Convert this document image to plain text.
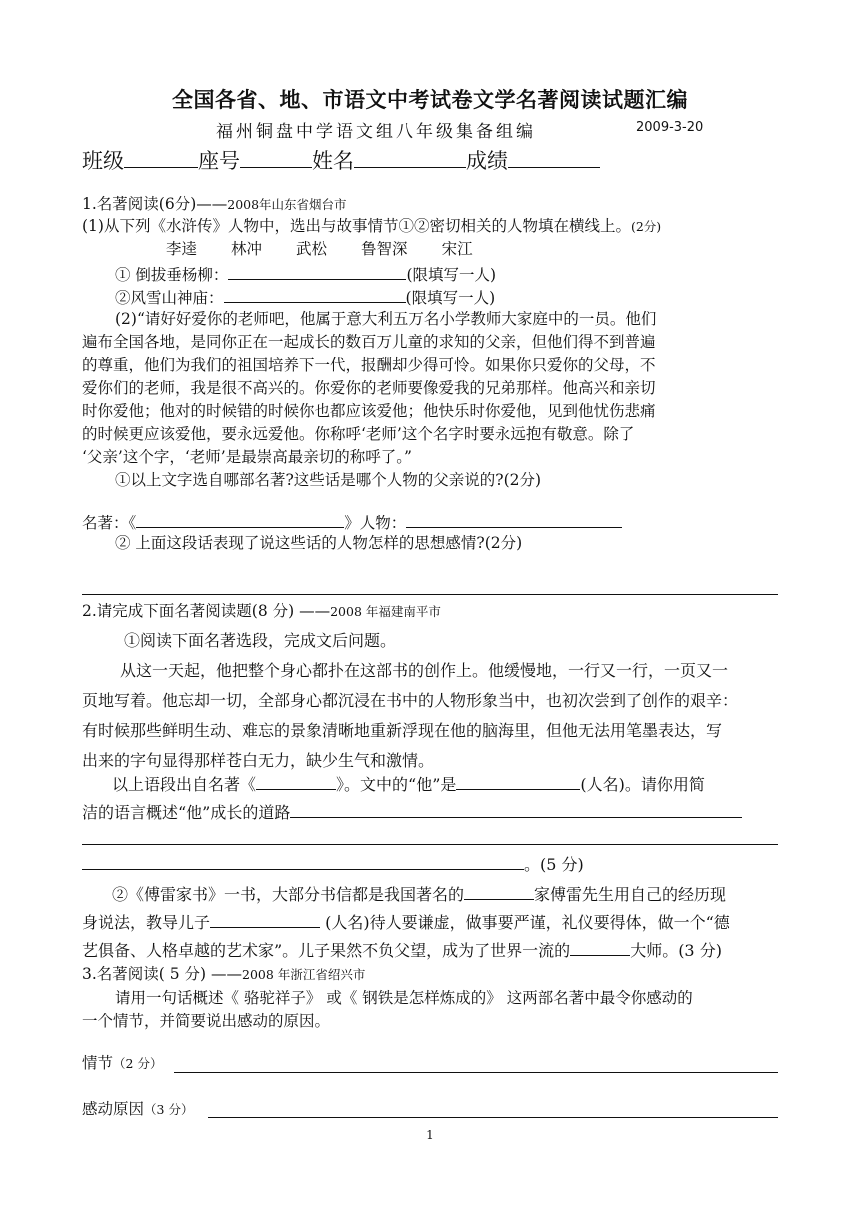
全国各省、地、市语文中考试卷文学名著阅读试题汇编
福州铜盘中学语文组八年级集备组编	2009-3-20
班级	座号	姓名	成绩
1.名著阅读(6分)——2008年山东省烟台市
(1)从下列《水浒传》人物中，选出与故事情节①②密切相关的人物填在横线上。(2分)
李逵 林冲 武松 鲁智深 宋江
① 倒拔垂杨柳：	(限填写一人)
②风雪山神庙：	(限填写一人)
(2)“请好好爱你的老师吧，他属于意大利五万名小学教师大家庭中的一员。他们
遍布全国各地，是同你正在一起成长的数百万儿童的求知的父亲，但他们得不到普遍
的尊重，他们为我们的祖国培养下一代，报酬却少得可怜。如果你只爱你的父母，不
爱你们的老师，我是很不高兴的。你爱你的老师要像爱我的兄弟那样。他高兴和亲切
时你爱他；他对的时候错的时候你也都应该爱他；他快乐时你爱他，见到他忧伤悲痛
的时候更应该爱他，要永远爱他。你称呼‘老师’这个名字时要永远抱有敬意。除了
‘父亲’这个字，‘老师’是最崇高最亲切的称呼了。”
①以上文字选自哪部名著?这些话是哪个人物的父亲说的?(2分)
名著：《	》人物：
② 上面这段话表现了说这些话的人物怎样的思想感情?(2分)
2.请完成下面名著阅读题(8 分) ——2008 年福建南平市
①阅读下面名著选段，完成文后问题。
从这一天起，他把整个身心都扑在这部书的创作上。他缓慢地，一行又一行，一页又一
页地写着。他忘却一切，全部身心都沉浸在书中的人物形象当中，也初次尝到了创作的艰辛：
有时候那些鲜明生动、难忘的景象清晰地重新浮现在他的脑海里，但他无法用笔墨表达，写
出来的字句显得那样苍白无力，缺少生气和激情。
以上语段出自名著《	》。文中的“他”是	(人名)。请你用简
洁的语言概述“他”成长的道路
。(5 分)
②《傅雷家书》一书，大部分书信都是我国著名的	家傅雷先生用自己的经历现
身说法，教导儿子	(人名)待人要谦虚，做事要严谨，礼仪要得体，做一个“德
艺俱备、人格卓越的艺术家”。儿子果然不负父望，成为了世界一流的	大师。(3 分)
3.名著阅读( 5 分) ——2008 年浙江省绍兴市
请用一句话概述《 骆驼祥子》 或《 钢铁是怎样炼成的》 这两部名著中最令你感动的
一个情节，并简要说出感动的原因。
情节（2 分）
感动原因（3 分）
1
